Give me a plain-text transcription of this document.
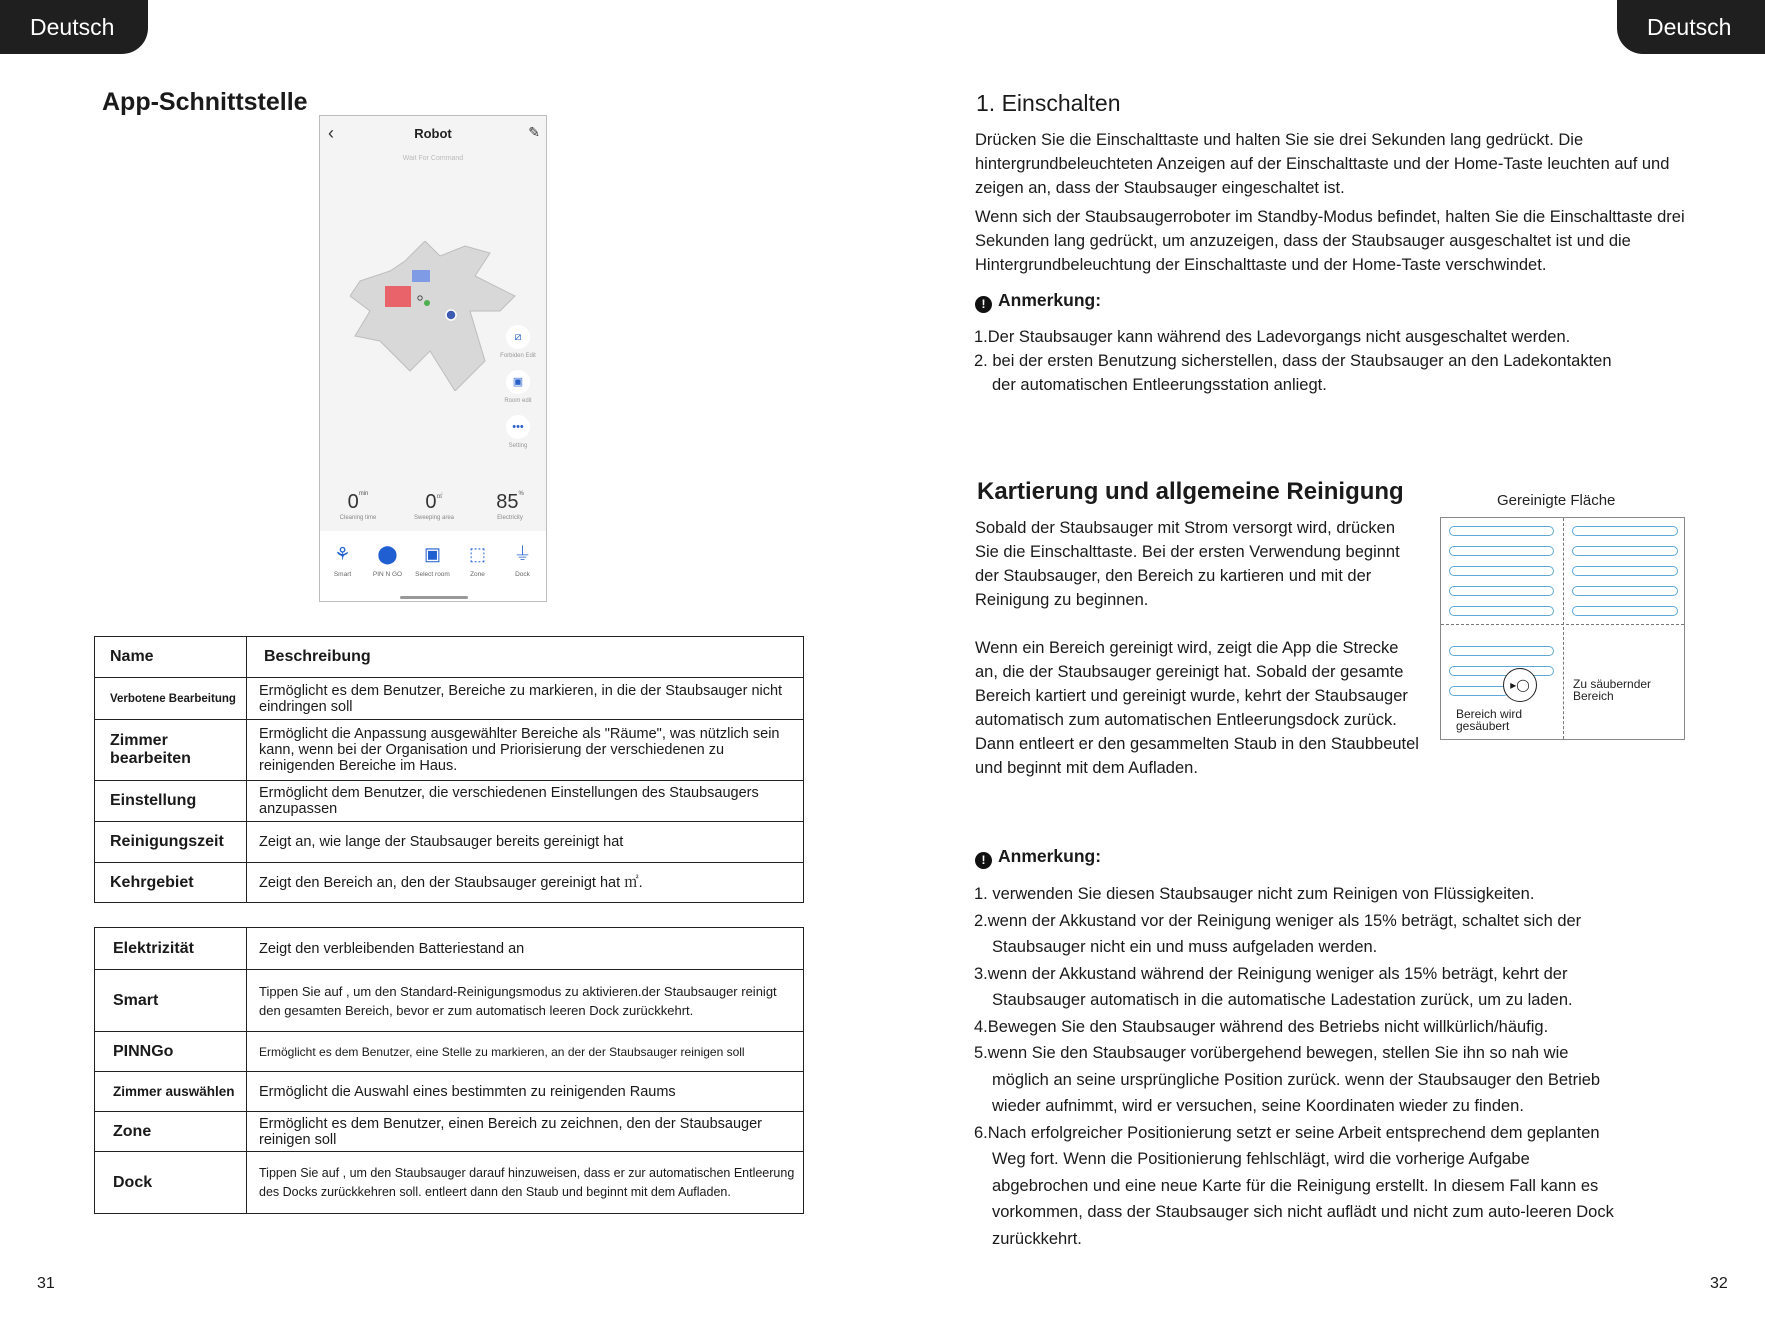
Deutsch	Deutsch
App-Schnittstelle
‹	Robot	✎
Wait For Command
⧄
Forbiden Edit
▣
Room edit
•••
Setting
$0^{min}$
Cleaning time
0㎡
Sweeping area
85%
Electricity
⚘
Smart
⬤
PIN N GO
▣
Select room
⬚
Zone
⏚
Dock
Name	Beschreibung
Verbotene Bearbeitung	Ermöglicht es dem Benutzer, Bereiche zu markieren, in die der Staubsauger nicht eindringen soll
Zimmer bearbeiten	Ermöglicht die Anpassung ausgewählter Bereiche als "Räume", was nützlich sein kann, wenn bei der Organisation und Priorisierung der verschiedenen zu reinigenden Bereiche im Haus.
Einstellung	Ermöglicht dem Benutzer, die verschiedenen Einstellungen des Staubsaugers anzupassen
Reinigungszeit	Zeigt an, wie lange der Staubsauger bereits gereinigt hat
Kehrgebiet	Zeigt den Bereich an, den der Staubsauger gereinigt hat ㎡.
Elektrizität	Zeigt den verbleibenden Batteriestand an
Smart	Tippen Sie auf , um den Standard-Reinigungsmodus zu aktivieren.der Staubsauger reinigt den gesamten Bereich, bevor er zum automatisch leeren Dock zurückkehrt.
PINNGo	Ermöglicht es dem Benutzer, eine Stelle zu markieren, an der der Staubsauger reinigen soll
Zimmer auswählen	Ermöglicht die Auswahl eines bestimmten zu reinigenden Raums
Zone	Ermöglicht es dem Benutzer, einen Bereich zu zeichnen, den der Staubsauger reinigen soll
Dock	Tippen Sie auf , um den Staubsauger darauf hinzuweisen, dass er zur automatischen Entleerung des Docks zurückkehren soll. entleert dann den Staub und beginnt mit dem Aufladen.
31
1. Einschalten
Drücken Sie die Einschalttaste und halten Sie sie drei Sekunden lang gedrückt. Die hintergrundbeleuchteten Anzeigen auf der Einschalttaste und der Home-Taste leuchten auf und zeigen an, dass der Staubsauger eingeschaltet ist.
Wenn sich der Staubsaugerroboter im Standby-Modus befindet, halten Sie die Einschalttaste drei Sekunden lang gedrückt, um anzuzeigen, dass der Staubsauger ausgeschaltet ist und die Hintergrundbeleuchtung der Einschalttaste und der Home-Taste verschwindet.
! Anmerkung:
1.Der Staubsauger kann während des Ladevorgangs nicht ausgeschaltet werden.
2. bei der ersten Benutzung sicherstellen, dass der Staubsauger an den Ladekontakten
der automatischen Entleerungsstation anliegt.
Kartierung und allgemeine Reinigung
Sobald der Staubsauger mit Strom versorgt wird, drücken Sie die Einschalttaste. Bei der ersten Verwendung beginnt der Staubsauger, den Bereich zu kartieren und mit der Reinigung zu beginnen.
Wenn ein Bereich gereinigt wird, zeigt die App die Strecke an, die der Staubsauger gereinigt hat. Sobald der gesamte Bereich kartiert und gereinigt wurde, kehrt der Staubsauger automatisch zum automatischen Entleerungsdock zurück. Dann entleert er den gesammelten Staub in den Staubbeutel und beginnt mit dem Aufladen.
Gereinigte Fläche
▸◯
Bereich wird gesäubert
Zu säubernder Bereich
! Anmerkung:
1. verwenden Sie diesen Staubsauger nicht zum Reinigen von Flüssigkeiten.
2.wenn der Akkustand vor der Reinigung weniger als 15% beträgt, schaltet sich der
Staubsauger nicht ein und muss aufgeladen werden.
3.wenn der Akkustand während der Reinigung weniger als 15% beträgt, kehrt der
Staubsauger automatisch in die automatische Ladestation zurück, um zu laden.
4.Bewegen Sie den Staubsauger während des Betriebs nicht willkürlich/häufig.
5.wenn Sie den Staubsauger vorübergehend bewegen, stellen Sie ihn so nah wie
möglich an seine ursprüngliche Position zurück. wenn der Staubsauger den Betrieb
wieder aufnimmt, wird er versuchen, seine Koordinaten wieder zu finden.
6.Nach erfolgreicher Positionierung setzt er seine Arbeit entsprechend dem geplanten
Weg fort. Wenn die Positionierung fehlschlägt, wird die vorherige Aufgabe
abgebrochen und eine neue Karte für die Reinigung erstellt. In diesem Fall kann es
vorkommen, dass der Staubsauger sich nicht auflädt und nicht zum auto-leeren Dock
zurückkehrt.
32
